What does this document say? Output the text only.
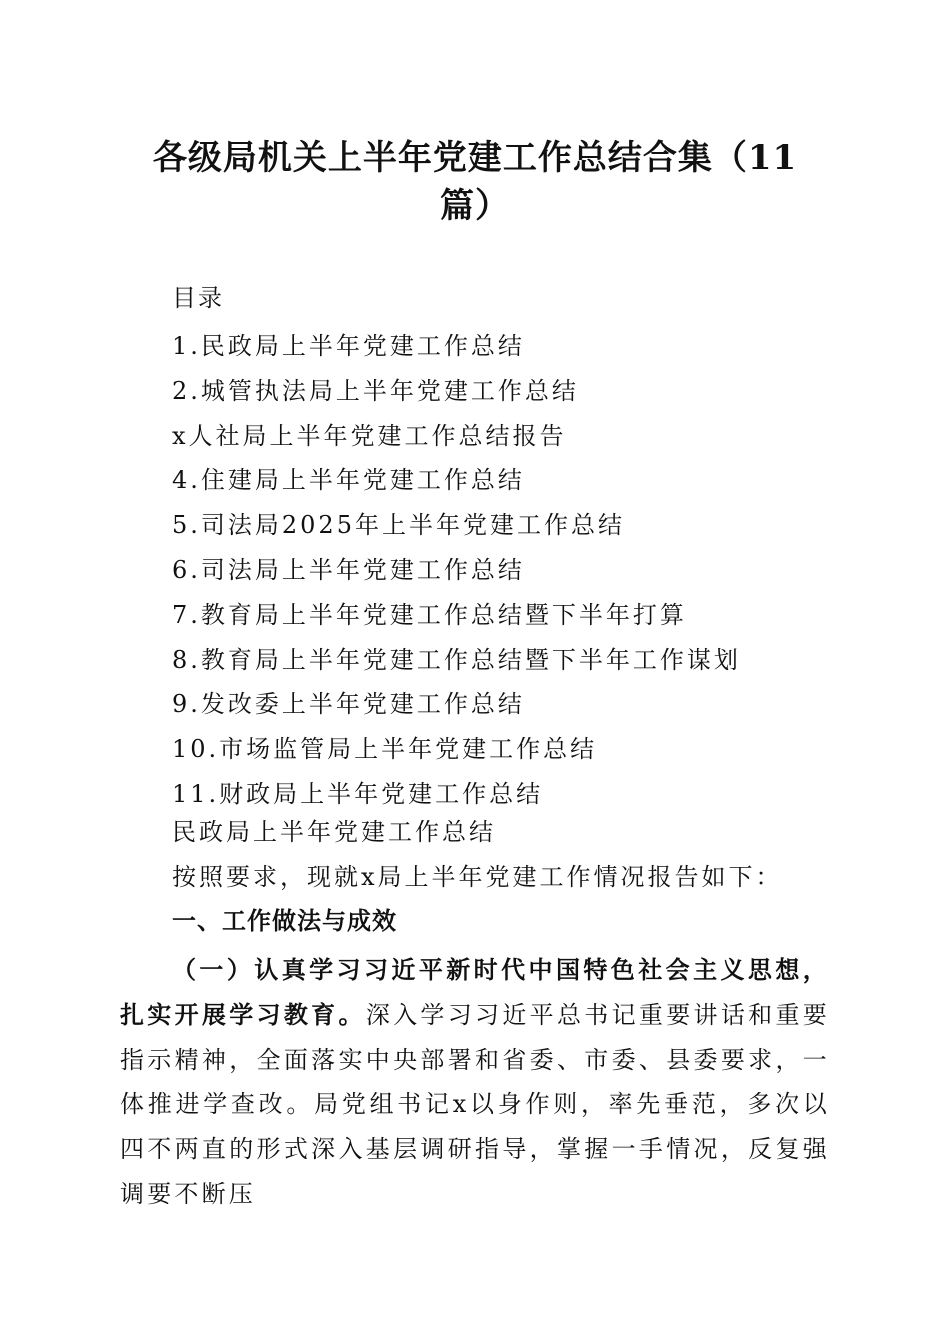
各级局机关上半年党建工作总结合集（11
篇）
目录
1.民政局上半年党建工作总结
2.城管执法局上半年党建工作总结
x人社局上半年党建工作总结报告
4.住建局上半年党建工作总结
5.司法局2025年上半年党建工作总结
6.司法局上半年党建工作总结
7.教育局上半年党建工作总结暨下半年打算
8.教育局上半年党建工作总结暨下半年工作谋划
9.发改委上半年党建工作总结
10.市场监管局上半年党建工作总结
11.财政局上半年党建工作总结
民政局上半年党建工作总结
按照要求，现就x局上半年党建工作情况报告如下：
一、工作做法与成效

（一）认真学习习近平新时代中国特色社会主义思想，扎实开展学习教育。深入学习习近平总书记重要讲话和重要指示精神，全面落实中央部署和省委、市委、县委要求，一体推进学查改。局党组书记x以身作则，率先垂范，多次以四不两直的形式深入基层调研指导，掌握一手情况，反复强调要不断压
